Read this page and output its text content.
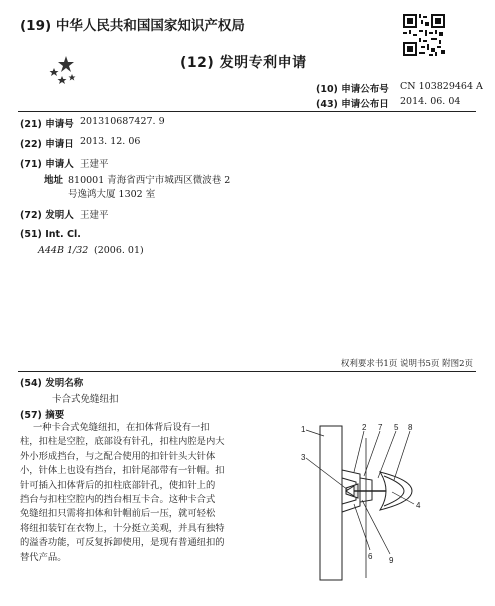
(19) 中华人民共和国国家知识产权局
(12) 发明专利申请
(10) 申请公布号 CN 103829464 A
(43) 申请公布日 2014. 06. 04
(21) 申请号 201310687427. 9
(22) 申请日 2013. 12. 06
(71) 申请人 王建平
地址 810001 青海省西宁市城西区微波巷 2
号逸鸿大厦 1302 室
(72) 发明人 王建平
(51) Int. Cl.
A44B 1/32 (2006. 01)
权利要求书1页 说明书5页 附图2页
(54) 发明名称
卡合式免缝纽扣
(57) 摘要
一种卡合式免缝纽扣，在扣体背后设有一扣
柱，扣柱是空腔，底部设有针孔，扣柱内腔是内大
外小形成挡台，与之配合使用的扣针针头大针体
小，针体上也设有挡台，扣针尾部带有一针帽。扣
针可插入扣体背后的扣柱底部针孔，使扣针上的
挡台与扣柱空腔内的挡台相互卡合。这种卡合式
免缝纽扣只需将扣体和针帽前后一压，就可轻松
将纽扣装钉在衣物上，十分挺立美观，并具有独特
的溢香功能，可反复拆卸使用，是现有普通纽扣的
替代产品。
1	2 7 5 8
3
4
6 9
